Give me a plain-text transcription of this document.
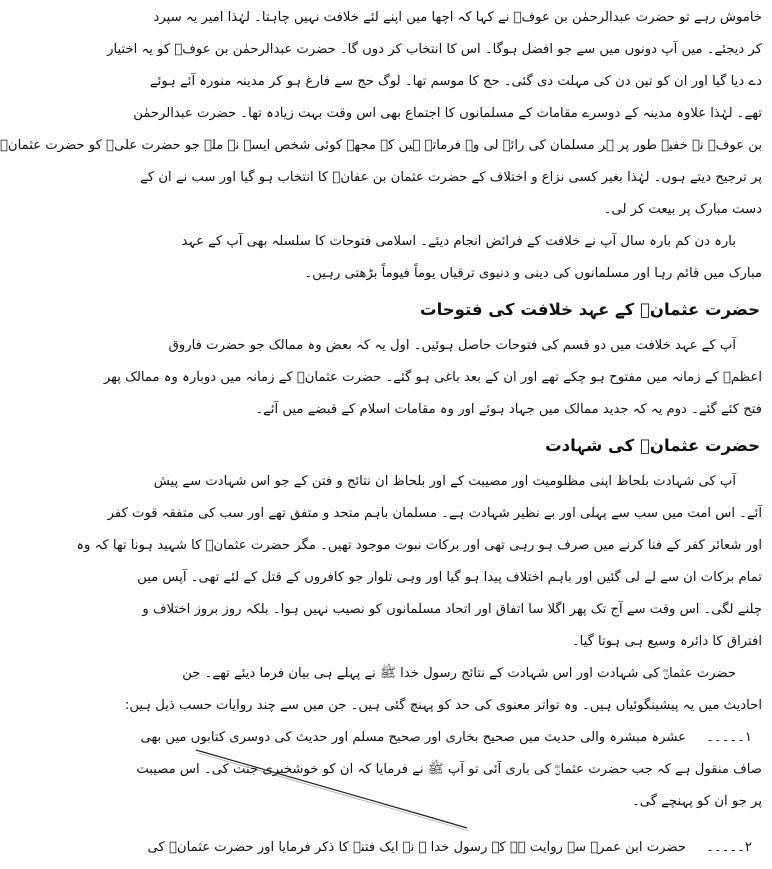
خاموش رہے تو حضرت عبدالرحمٰن بن عوفؓ نے کہا کہ اچھا میں اپنے لئے خلافت نہیں چاہتا۔ لہٰذا امیر یہ سپرد
کر دیجئے۔ میں آپ دونوں میں سے جو افضل ہوگا۔ اس کا انتخاب کر دوں گا۔ حضرت عبدالرحمٰن بن عوفؓ کو یہ اختیار
دے دیا گیا اور ان کو تین دن کی مہلت دی گئی۔ حج کا موسم تھا۔ لوگ حج سے فارغ ہو کر مدینہ منورہ آئے ہوئے
تھے۔ لہٰذا علاوہ مدینہ کے دوسرے مقامات کے مسلمانوں کا اجتماع بھی اس وقت بہت زیادہ تھا۔ حضرت عبدالرحمٰن
بن عوفؓ نے خفیہ طور پر ہر مسلمان کی رائے لی وہ فرماتے ہیں کہ مجھے کوئی شخص ایسے نہ ملے جو حضرت علیؓ کو حضرت عثمانؓ
پر ترجیح دیتے ہوں۔ لہٰذا بغیر کسی نزاع و اختلاف کے حضرت عثمان بن عفانؓ کا انتخاب ہو گیا اور سب نے ان کے
دست مبارک پر بیعت کر لی۔
بارہ دن کم بارہ سال آپ نے خلافت کے فرائض انجام دیئے۔ اسلامی فتوحات کا سلسلہ بھی آپ کے عہد
مبارک میں قائم رہا اور مسلمانوں کی دینی و دنیوی ترقیاں یوماً فیوماً بڑھتی رہیں۔
حضرت عثمانؓ کے عہد خلافت کی فتوحات
آپ کے عہد خلافت میں دو قسم کی فتوحات حاصل ہوئیں۔ اول یہ کہ بعض وہ ممالک جو حضرت فاروق
اعظمؓ کے زمانہ میں مفتوح ہو چکے تھے اور ان کے بعد باغی ہو گئے۔ حضرت عثمانؓ کے زمانہ میں دوبارہ وہ ممالک پھر
فتح کئے گئے۔ دوم یہ کہ جدید ممالک میں جہاد ہوئے اور وہ مقامات اسلام کے قبضے میں آئے۔
حضرت عثمانؓ کی شہادت
آپ کی شہادت بلحاظ اپنی مظلومیت اور مصیبت کے اور بلحاظ ان نتائج و فتن کے جو اس شہادت سے پیش
آئے۔ اس امت میں سب سے پہلی اور بے نظیر شہادت ہے۔ مسلمان باہم متحد و متفق تھے اور سب کی متفقہ قوت کفر
اور شعائر کفر کے فنا کرنے میں صرف ہو رہی تھی اور برکات نبوت موجود تھیں۔ مگر حضرت عثمانؓ کا شہید ہونا تھا کہ وہ
تمام برکات ان سے لے لی گئیں اور باہم اختلاف پیدا ہو گیا اور وہی تلوار جو کافروں کے قتل کے لئے تھی۔ آپس میں
چلنے لگی۔ اس وقت سے آج تک پھر اگلا سا اتفاق اور اتحاد مسلمانوں کو نصیب نہیں ہوا۔ بلکہ روز بروز اختلاف و
افتراق کا دائرہ وسیع ہی ہوتا گیا۔
حضرت عثمانؓ کی شہادت اور اس شہادت کے نتائج رسول خدا ﷺ نے پہلے ہی بیان فرما دیئے تھے۔ جن
احادیث میں یہ پیشینگوئیاں ہیں۔ وہ تواتر معنوی کی حد کو پہنچ گئی ہیں۔ جن میں سے چند روایات حسب ذیل ہیں:
۱۔۔۔۔۔
عشرہ مبشرہ والی حدیث میں صحیح بخاری اور صحیح مسلم اور حدیث کی دوسری کتابوں میں بھی
صاف منقول ہے کہ جب حضرت عثمانؓ کی باری آئی تو آپ ﷺ نے فرمایا کہ ان کو خوشخبری جنت کی۔ اس مصیبت
پر جو ان کو پہنچے گی۔
۲۔۔۔۔۔
حضرت ابن عمرؓ سے روایت ہے کہ رسول خدا ﷺ نے ایک فتنہ کا ذکر فرمایا اور حضرت عثمانؓ کی
